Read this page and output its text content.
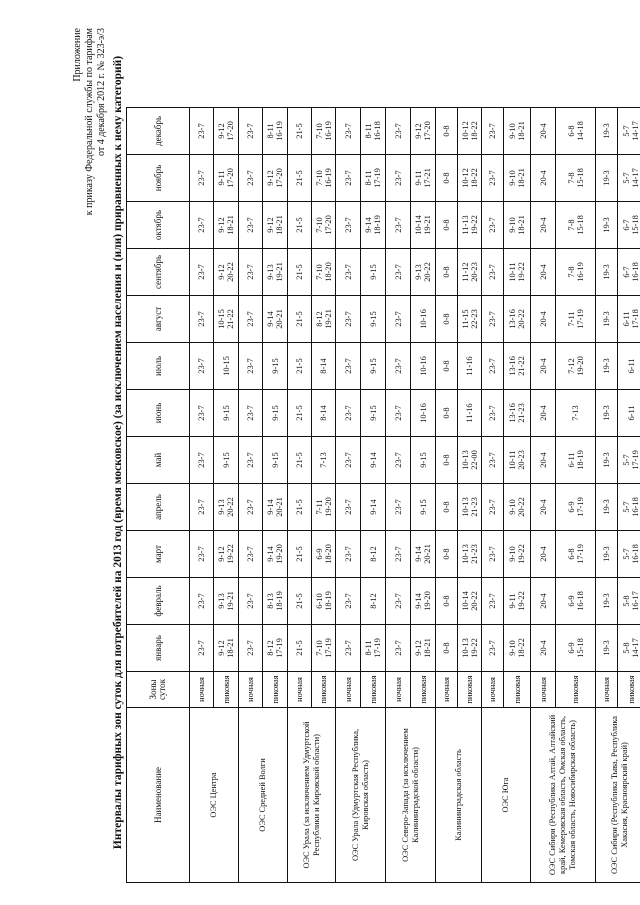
Приложение к приказу Федеральной службы по тарифам от 4 декабря 2012 г. № 323-э/3 Интервалы тарифных зон суток для потребителей на 2013 год (время московское) (за исключением населения и (или) приравненных к нему категорий)	Наименование	Зоны суток	январь	февраль	март	апрель	май	июнь	июль	август	сентябрь	октябрь	ноябрь	декабрь
ОЭС Центра	ночная	23-7	23-7	23-7	23-7	23-7	23-7	23-7	23-7	23-7	23-7	23-7	23-7

	пиковая	9-12 18-21	9-13 19-21	9-12 19-22	9-13 20-22	9-15	9-15	10-15	10-15 21-22	9-12 20-22	9-12 18-21	9-11 17-20	9-12 17-20

ОЭС Средней Волги	ночная	23-7	23-7	23-7	23-7	23-7	23-7	23-7	23-7	23-7	23-7	23-7	23-7

	пиковая	8-12 17-19	8-13 18-19	9-14 19-20	9-14 20-21	9-15	9-15	9-15	9-14 20-21	9-13 19-21	9-12 18-21	9-12 17-20	8-11 16-19

ОЭС Урала (за исключением Удмуртской Республики и Кировской области)	ночная	21-5	21-5	21-5	21-5	21-5	21-5	21-5	21-5	21-5	21-5	21-5	21-5

	пиковая	7-10 17-19	6-10 18-19	6-9 18-20	7-11 19-20	7-13	8-14	8-14	8-12 19-21	7-10 18-20	7-10 17-20	7-10 16-19	7-10 16-19

ОЭС Урала (Удмуртская Республика, Кировская область)	ночная	23-7	23-7	23-7	23-7	23-7	23-7	23-7	23-7	23-7	23-7	23-7	23-7

	пиковая	8-11 17-19	8-12	8-12	9-14	9-14	9-15	9-15	9-15	9-15	9-14 18-19	8-11 17-19	8-11 16-18

ОЭС Северо-Запада (за исключением Калининградской области)	ночная	23-7	23-7	23-7	23-7	23-7	23-7	23-7	23-7	23-7	23-7	23-7	23-7

	пиковая	9-12 18-21	9-14 19-20	9-14 20-21	9-15	9-15	10-16	10-16	10-16	9-13 20-22	10-14 19-21	9-11 17-21	9-12 17-20

Калининградская область	ночная	0-8	0-8	0-8	0-8	0-8	0-8	0-8	0-8	0-8	0-8	0-8	0-8

	пиковая	10-13 19-22	10-14 20-22	10-13 21-23	10-13 21-23	10-13 22-00	11-16	11-16	11-15 22-23	11-12 20-23	11-13 19-22	10-12 18-22	10-12 18-22

ОЭС Юга	ночная	23-7	23-7	23-7	23-7	23-7	23-7	23-7	23-7	23-7	23-7	23-7	23-7

	пиковая	9-10 18-22	9-11 19-22	9-10 19-22	9-10 20-22	10-11 20-23	13-16 21-23	13-16 21-22	13-16 20-22	10-11 19-22	9-10 18-21	9-10 18-21	9-10 18-21

ОЭС Сибири (Республика Алтай, Алтайский край, Кемеровская область, Омская область, Томская область, Новосибирская область)	ночная	20-4	20-4	20-4	20-4	20-4	20-4	20-4	20-4	20-4	20-4	20-4	20-4

	пиковая	6-9 15-18	6-9 16-18	6-8 17-19	6-9 17-19	6-11 18-19	7-13	7-12 19-20	7-11 17-19	7-8 16-19	7-8 15-18	7-8 15-18	6-8 14-18

ОЭС Сибири (Республика Тыва, Республика Хакасия, Красноярский край)	ночная	19-3	19-3	19-3	19-3	19-3	19-3	19-3	19-3	19-3	19-3	19-3	19-3

	пиковая	5-8 14-17	5-8 16-17	5-7 16-18	5-7 16-18	5-7 17-19	6-11	6-11	6-11 17-18	6-7 16-18	6-7 15-18	5-7 14-17	5-7 14-17
